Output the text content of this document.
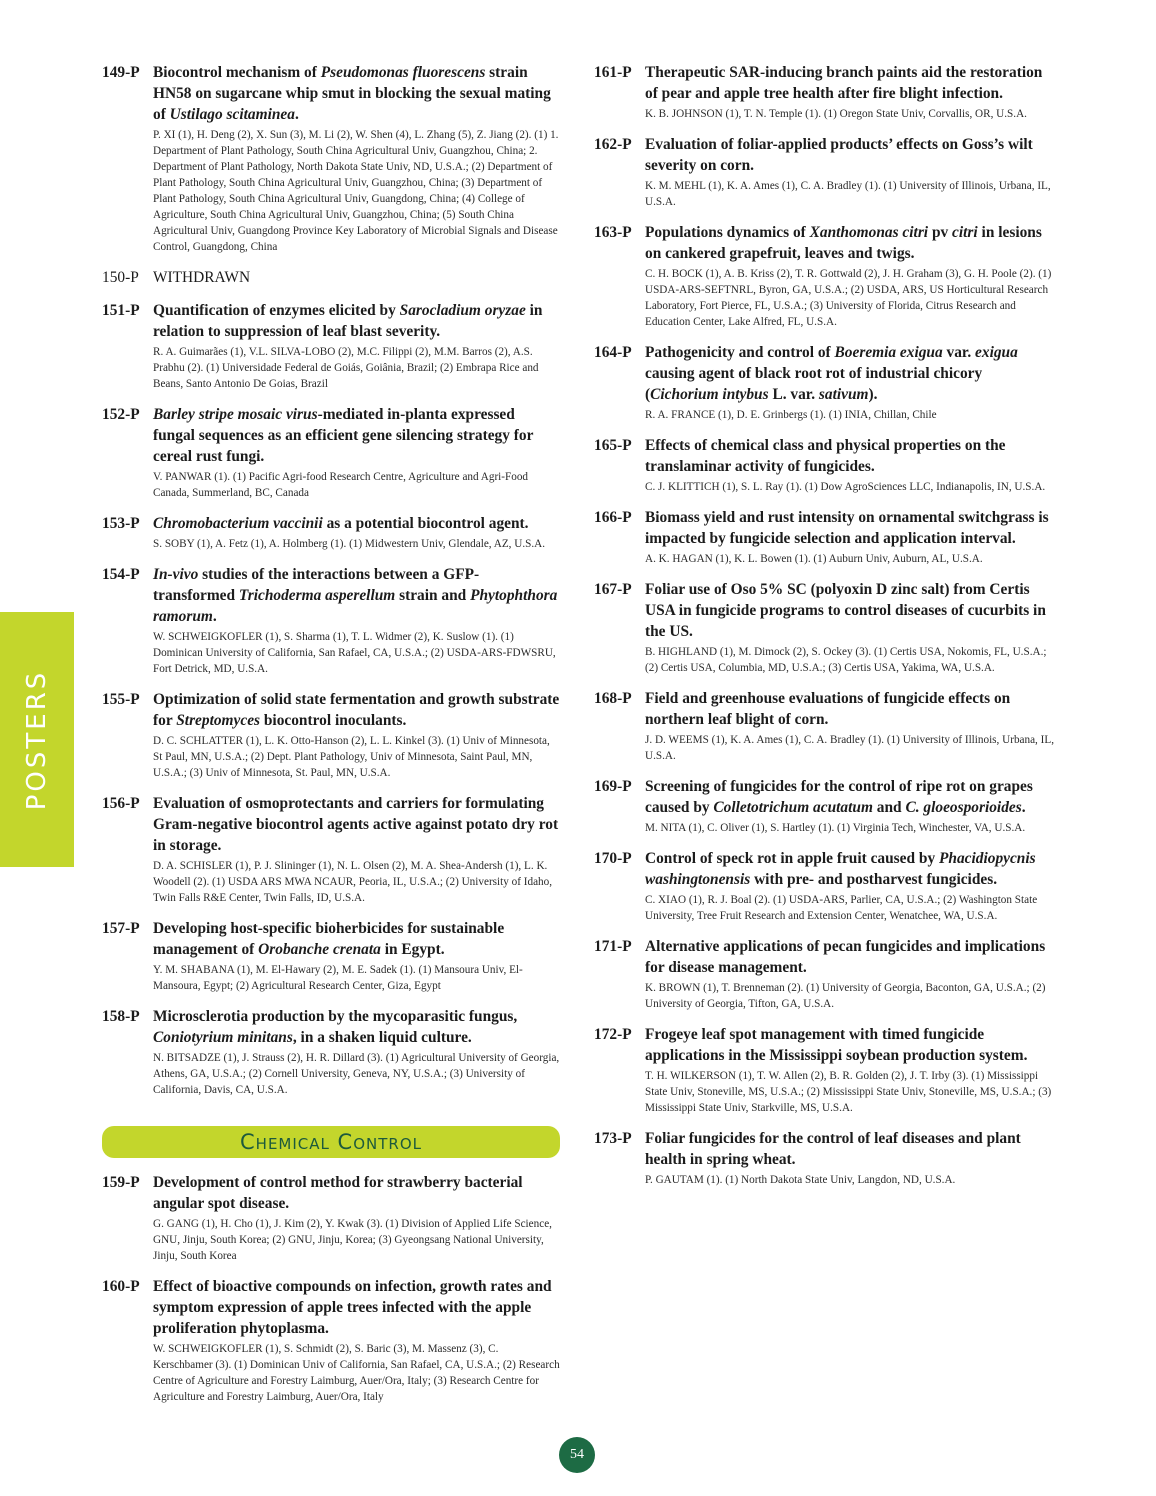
POSTERS
149-P Biocontrol mechanism of Pseudomonas fluorescens strain HN58 on sugarcane whip smut in blocking the sexual mating of Ustilago scitaminea.
P. XI (1), H. Deng (2), X. Sun (3), M. Li (2), W. Shen (4), L. Zhang (5), Z. Jiang (2). (1) 1. Department of Plant Pathology, South China Agricultural Univ, Guangzhou, China; 2. Department of Plant Pathology, North Dakota State Univ, ND, U.S.A.; (2) Department of Plant Pathology, South China Agricultural Univ, Guangzhou, China; (3) Department of Plant Pathology, South China Agricultural Univ, Guangdong, China; (4) College of Agriculture, South China Agricultural Univ, Guangzhou, China; (5) South China Agricultural Univ, Guangdong Province Key Laboratory of Microbial Signals and Disease Control, Guangdong, China
150-P WITHDRAWN
151-P Quantification of enzymes elicited by Sarocladium oryzae in relation to suppression of leaf blast severity.
R. A. Guimarães (1), V.L. SILVA-LOBO (2), M.C. Filippi (2), M.M. Barros (2), A.S. Prabhu (2). (1) Universidade Federal de Goiás, Goiânia, Brazil; (2) Embrapa Rice and Beans, Santo Antonio De Goias, Brazil
152-P Barley stripe mosaic virus-mediated in-planta expressed fungal sequences as an efficient gene silencing strategy for cereal rust fungi.
V. PANWAR (1). (1) Pacific Agri-food Research Centre, Agriculture and Agri-Food Canada, Summerland, BC, Canada
153-P Chromobacterium vaccinii as a potential biocontrol agent.
S. SOBY (1), A. Fetz (1), A. Holmberg (1). (1) Midwestern Univ, Glendale, AZ, U.S.A.
154-P In-vivo studies of the interactions between a GFP-transformed Trichoderma asperellum strain and Phytophthora ramorum.
W. SCHWEIGKOFLER (1), S. Sharma (1), T. L. Widmer (2), K. Suslow (1). (1) Dominican University of California, San Rafael, CA, U.S.A.; (2) USDA-ARS-FDWSRU, Fort Detrick, MD, U.S.A.
155-P Optimization of solid state fermentation and growth substrate for Streptomyces biocontrol inoculants.
D. C. SCHLATTER (1), L. K. Otto-Hanson (2), L. L. Kinkel (3). (1) Univ of Minnesota, St Paul, MN, U.S.A.; (2) Dept. Plant Pathology, Univ of Minnesota, Saint Paul, MN, U.S.A.; (3) Univ of Minnesota, St. Paul, MN, U.S.A.
156-P Evaluation of osmoprotectants and carriers for formulating Gram-negative biocontrol agents active against potato dry rot in storage.
D. A. SCHISLER (1), P. J. Slininger (1), N. L. Olsen (2), M. A. Shea-Andersh (1), L. K. Woodell (2). (1) USDA ARS MWA NCAUR, Peoria, IL, U.S.A.; (2) University of Idaho, Twin Falls R&E Center, Twin Falls, ID, U.S.A.
157-P Developing host-specific bioherbicides for sustainable management of Orobanche crenata in Egypt.
Y. M. SHABANA (1), M. El-Hawary (2), M. E. Sadek (1). (1) Mansoura Univ, El-Mansoura, Egypt; (2) Agricultural Research Center, Giza, Egypt
158-P Microsclerotia production by the mycoparasitic fungus, Coniotyrium minitans, in a shaken liquid culture.
N. BITSADZE (1), J. Strauss (2), H. R. Dillard (3). (1) Agricultural University of Georgia, Athens, GA, U.S.A.; (2) Cornell University, Geneva, NY, U.S.A.; (3) University of California, Davis, CA, U.S.A.
Chemical Control
159-P Development of control method for strawberry bacterial angular spot disease.
G. GANG (1), H. Cho (1), J. Kim (2), Y. Kwak (3). (1) Division of Applied Life Science, GNU, Jinju, South Korea; (2) GNU, Jinju, Korea; (3) Gyeongsang National University, Jinju, South Korea
160-P Effect of bioactive compounds on infection, growth rates and symptom expression of apple trees infected with the apple proliferation phytoplasma.
W. SCHWEIGKOFLER (1), S. Schmidt (2), S. Baric (3), M. Massenz (3), C. Kerschbamer (3). (1) Dominican Univ of California, San Rafael, CA, U.S.A.; (2) Research Centre of Agriculture and Forestry Laimburg, Auer/Ora, Italy; (3) Research Centre for Agriculture and Forestry Laimburg, Auer/Ora, Italy
161-P Therapeutic SAR-inducing branch paints aid the restoration of pear and apple tree health after fire blight infection.
K. B. JOHNSON (1), T. N. Temple (1). (1) Oregon State Univ, Corvallis, OR, U.S.A.
162-P Evaluation of foliar-applied products’ effects on Goss’s wilt severity on corn.
K. M. MEHL (1), K. A. Ames (1), C. A. Bradley (1). (1) University of Illinois, Urbana, IL, U.S.A.
163-P Populations dynamics of Xanthomonas citri pv citri in lesions on cankered grapefruit, leaves and twigs.
C. H. BOCK (1), A. B. Kriss (2), T. R. Gottwald (2), J. H. Graham (3), G. H. Poole (2). (1) USDA-ARS-SEFTNRL, Byron, GA, U.S.A.; (2) USDA, ARS, US Horticultural Research Laboratory, Fort Pierce, FL, U.S.A.; (3) University of Florida, Citrus Research and Education Center, Lake Alfred, FL, U.S.A.
164-P Pathogenicity and control of Boeremia exigua var. exigua causing agent of black root rot of industrial chicory (Cichorium intybus L. var. sativum).
R. A. FRANCE (1), D. E. Grinbergs (1). (1) INIA, Chillan, Chile
165-P Effects of chemical class and physical properties on the translaminar activity of fungicides.
C. J. KLITTICH (1), S. L. Ray (1). (1) Dow AgroSciences LLC, Indianapolis, IN, U.S.A.
166-P Biomass yield and rust intensity on ornamental switchgrass is impacted by fungicide selection and application interval.
A. K. HAGAN (1), K. L. Bowen (1). (1) Auburn Univ, Auburn, AL, U.S.A.
167-P Foliar use of Oso 5% SC (polyoxin D zinc salt) from Certis USA in fungicide programs to control diseases of cucurbits in the US.
B. HIGHLAND (1), M. Dimock (2), S. Ockey (3). (1) Certis USA, Nokomis, FL, U.S.A.; (2) Certis USA, Columbia, MD, U.S.A.; (3) Certis USA, Yakima, WA, U.S.A.
168-P Field and greenhouse evaluations of fungicide effects on northern leaf blight of corn.
J. D. WEEMS (1), K. A. Ames (1), C. A. Bradley (1). (1) University of Illinois, Urbana, IL, U.S.A.
169-P Screening of fungicides for the control of ripe rot on grapes caused by Colletotrichum acutatum and C. gloeosporioides.
M. NITA (1), C. Oliver (1), S. Hartley (1). (1) Virginia Tech, Winchester, VA, U.S.A.
170-P Control of speck rot in apple fruit caused by Phacidiopycnis washingtonensis with pre- and postharvest fungicides.
C. XIAO (1), R. J. Boal (2). (1) USDA-ARS, Parlier, CA, U.S.A.; (2) Washington State University, Tree Fruit Research and Extension Center, Wenatchee, WA, U.S.A.
171-P Alternative applications of pecan fungicides and implications for disease management.
K. BROWN (1), T. Brenneman (2). (1) University of Georgia, Baconton, GA, U.S.A.; (2) University of Georgia, Tifton, GA, U.S.A.
172-P Frogeye leaf spot management with timed fungicide applications in the Mississippi soybean production system.
T. H. WILKERSON (1), T. W. Allen (2), B. R. Golden (2), J. T. Irby (3). (1) Mississippi State Univ, Stoneville, MS, U.S.A.; (2) Mississippi State Univ, Stoneville, MS, U.S.A.; (3) Mississippi State Univ, Starkville, MS, U.S.A.
173-P Foliar fungicides for the control of leaf diseases and plant health in spring wheat.
P. GAUTAM (1). (1) North Dakota State Univ, Langdon, ND, U.S.A.
54
